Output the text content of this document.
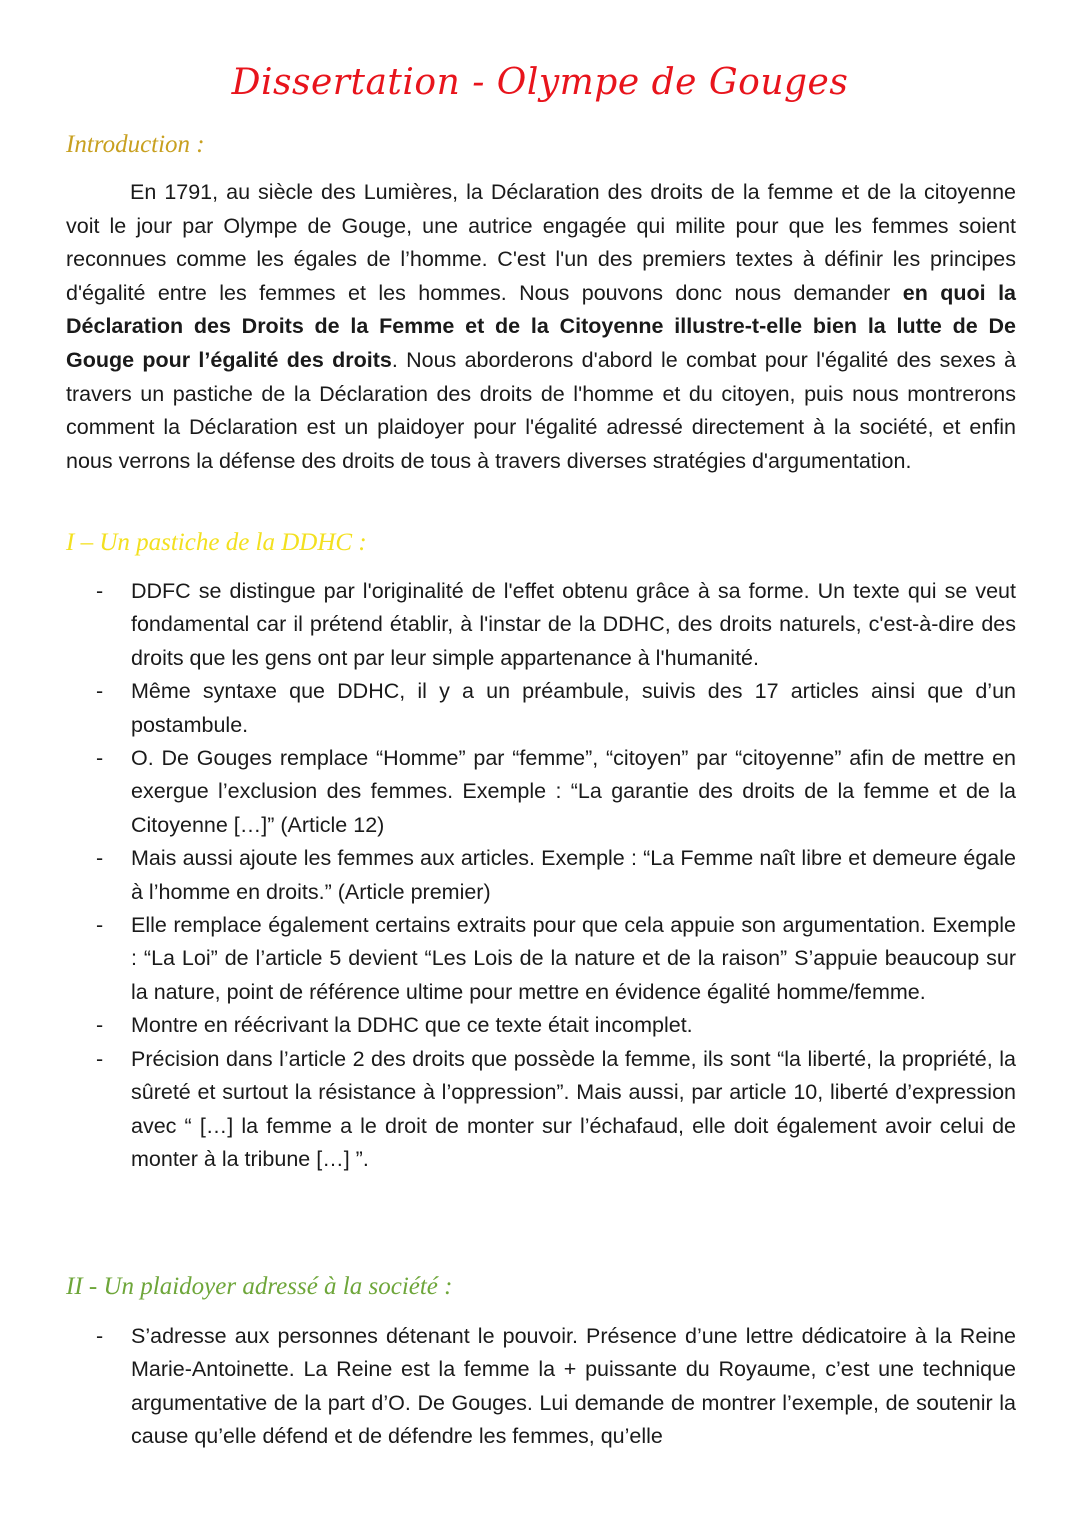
Dissertation - Olympe de Gouges
Introduction :

En 1791, au siècle des Lumières, la Déclaration des droits de la femme et de la citoyenne voit le jour par Olympe de Gouge, une autrice engagée qui milite pour que les femmes soient reconnues comme les égales de l’homme. C'est l'un des premiers textes à définir les principes d'égalité entre les femmes et les hommes. Nous pouvons donc nous demander en quoi la Déclaration des Droits de la Femme et de la Citoyenne illustre-t-elle bien la lutte de De Gouge pour l’égalité des droits. Nous aborderons d'abord le combat pour l'égalité des sexes à travers un pastiche de la Déclaration des droits de l'homme et du citoyen, puis nous montrerons comment la Déclaration est un plaidoyer pour l'égalité adressé directement à la société, et enfin nous verrons la défense des droits de tous à travers diverses stratégies d'argumentation.

I – Un pastiche de la DDHC :
-	DDFC se distingue par l'originalité de l'effet obtenu grâce à sa forme. Un texte qui se veut fondamental car il prétend établir, à l'instar de la DDHC, des droits naturels, c'est-à-dire des droits que les gens ont par leur simple appartenance à l'humanité.
-	Même syntaxe que DDHC, il y a un préambule, suivis des 17 articles ainsi que d’un postambule.
-	O. De Gouges remplace “Homme” par “femme”, “citoyen” par “citoyenne” afin de mettre en exergue l’exclusion des femmes. Exemple : “La garantie des droits de la femme et de la Citoyenne […]” (Article 12)
-	Mais aussi ajoute les femmes aux articles. Exemple : “La Femme naît libre et demeure égale à l’homme en droits.” (Article premier)
-	Elle remplace également certains extraits pour que cela appuie son argumentation. Exemple : “La Loi” de l’article 5 devient “Les Lois de la nature et de la raison” S’appuie beaucoup sur la nature, point de référence ultime pour mettre en évidence égalité homme/femme.
-	Montre en réécrivant la DDHC que ce texte était incomplet.
-	Précision dans l’article 2 des droits que possède la femme, ils sont “la liberté, la propriété, la sûreté et surtout la résistance à l’oppression”. Mais aussi, par article 10, liberté d’expression avec “ […] la femme a le droit de monter sur l’échafaud, elle doit également avoir celui de monter à la tribune […] ”.
II - Un plaidoyer adressé à la société :
-	S’adresse aux personnes détenant le pouvoir. Présence d’une lettre dédicatoire à la Reine Marie-Antoinette. La Reine est la femme la + puissante du Royaume, c’est une technique argumentative de la part d’O. De Gouges. Lui demande de montrer l’exemple, de soutenir la cause qu’elle défend et de défendre les femmes, qu’elle
